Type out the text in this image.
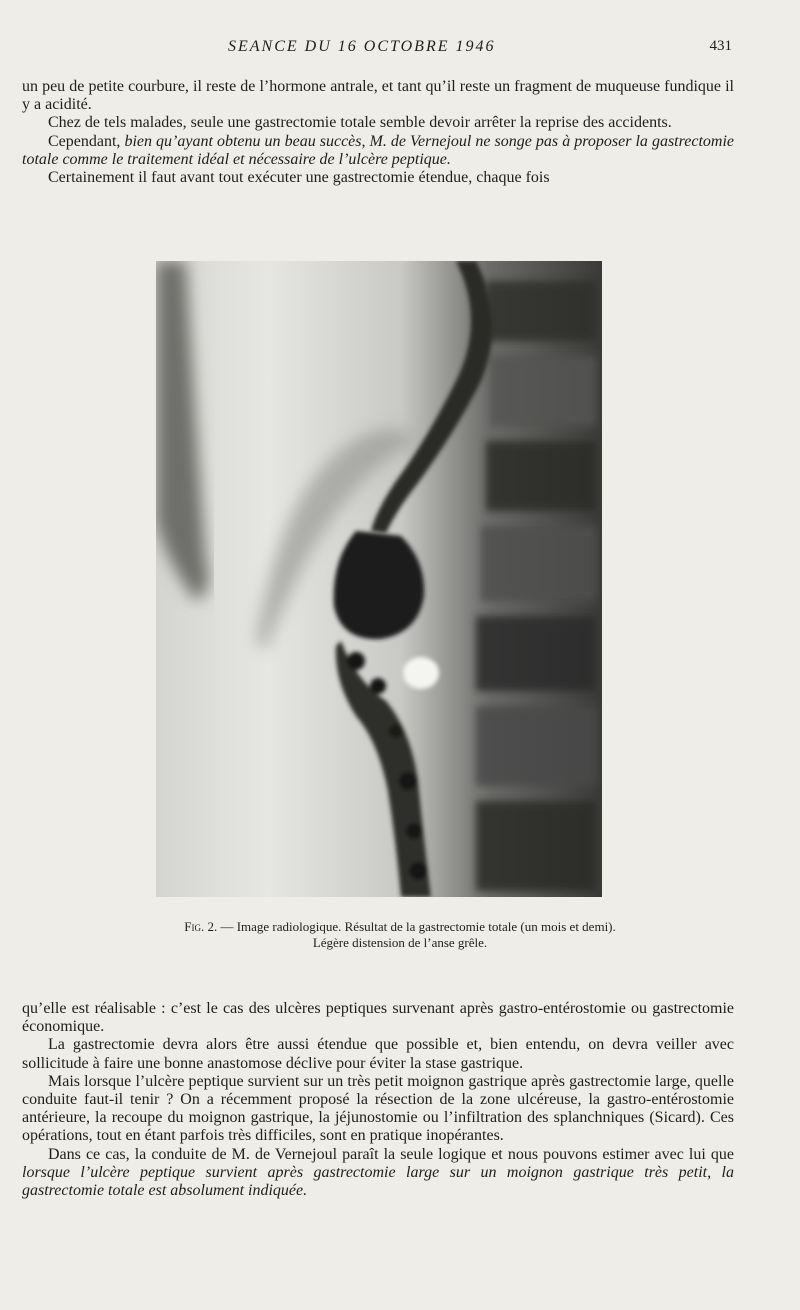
SEANCE DU 16 OCTOBRE 1946	431

un peu de petite courbure, il reste de l’hormone antrale, et tant qu’il reste un fragment de muqueuse fundique il y a acidité.

Chez de tels malades, seule une gastrectomie totale semble devoir arrêter la reprise des accidents.

Cependant, bien qu’ayant obtenu un beau succès, M. de Vernejoul ne songe pas à proposer la gastrectomie totale comme le traitement idéal et nécessaire de l’ulcère peptique.

Certainement il faut avant tout exécuter une gastrectomie étendue, chaque fois

Fig. 2. — Image radiologique. Résultat de la gastrectomie totale (un mois et demi).
Légère distension de l’anse grêle.

qu’elle est réalisable : c’est le cas des ulcères peptiques survenant après gastro-entérostomie ou gastrectomie économique.

La gastrectomie devra alors être aussi étendue que possible et, bien entendu, on devra veiller avec sollicitude à faire une bonne anastomose déclive pour éviter la stase gastrique.

Mais lorsque l’ulcère peptique survient sur un très petit moignon gastrique après gastrectomie large, quelle conduite faut-il tenir ? On a récemment proposé la résection de la zone ulcéreuse, la gastro-entérostomie antérieure, la recoupe du moignon gastrique, la jéjunostomie ou l’infiltration des splanchniques (Sicard). Ces opérations, tout en étant parfois très difficiles, sont en pratique inopérantes.

Dans ce cas, la conduite de M. de Vernejoul paraît la seule logique et nous pouvons estimer avec lui que lorsque l’ulcère peptique survient après gastrectomie large sur un moignon gastrique très petit, la gastrectomie totale est absolument indiquée.
